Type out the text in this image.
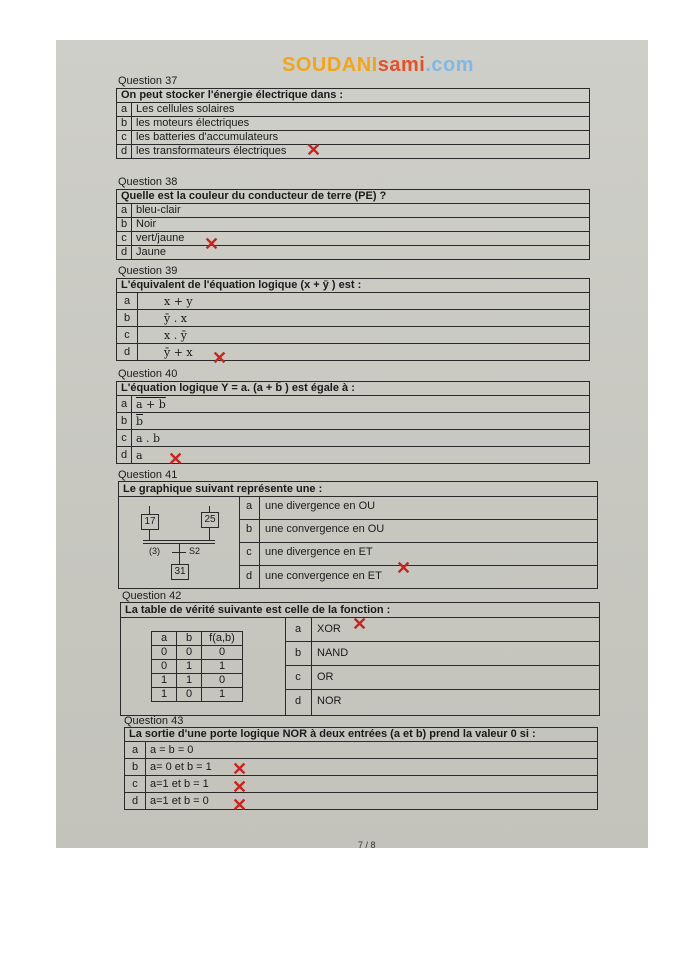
SOUDANIsami.com
Question 37
On peut stocker l'énergie électrique dans :	
a	Les cellules solaires
b	les moteurs électriques
c	les batteries d'accumulateurs
d	les transformateurs électriques ✕
Question 38
Quelle est la couleur du conducteur de terre (PE) ?	
a	bleu-clair
b	Noir
c	vert/jaune
d	Jaune ✕
Question 39
L'équivalent de l'équation logique (x + ȳ ) est :	
a	x + y
b	ȳ . x
c	x . ȳ
d	ȳ + x ✕
Question 40
L'équation logique Y = a. (a + b̄ ) est égale à :	
a	a + b
b	$\overline{b}$
c	a . b
d	a ✕
Question 41
Le graphique suivant représente une :
17	25
(3)	S2
31
a	une divergence en OU
b	une convergence en OU
c	une divergence en ET
d	une convergence en ET ✕
Question 42
La table de vérité suivante est celle de la fonction :
a	b	f(a,b)
0	0	0
0	1	1
1	1	0
1	0	1
a	XOR
b	NAND
c	OR
d	NOR
✕
Question 43
La sortie d'une porte logique NOR à deux entrées (a et b) prend la valeur 0 si :	
a	a = b = 0
b	a= 0 et b = 1
c	a=1 et b = 1
d	a=1 et b = 0
✕
✕
✕
7 / 8
